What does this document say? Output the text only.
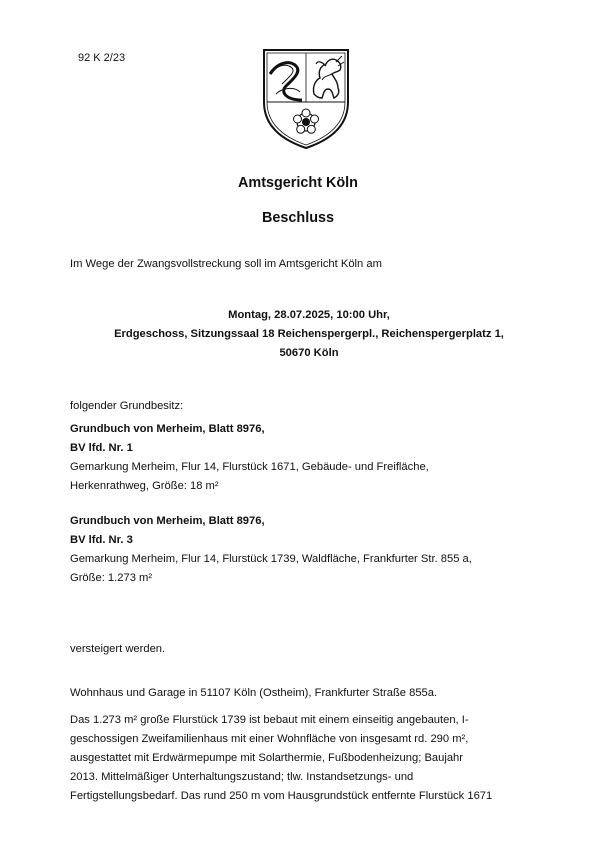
92 K 2/23
Amtsgericht Köln
Beschluss
Im Wege der Zwangsvollstreckung soll im Amtsgericht Köln am
Montag, 28.07.2025, 10:00 Uhr,
Erdgeschoss, Sitzungssaal 18 Reichenspergerpl., Reichenspergerplatz 1,
50670 Köln
folgender Grundbesitz:
Grundbuch von Merheim, Blatt 8976,
BV lfd. Nr. 1
Gemarkung Merheim, Flur 14, Flurstück 1671, Gebäude- und Freifläche,
Herkenrathweg, Größe: 18 m²
Grundbuch von Merheim, Blatt 8976,
BV lfd. Nr. 3
Gemarkung Merheim, Flur 14, Flurstück 1739, Waldfläche, Frankfurter Str. 855 a,
Größe: 1.273 m²
versteigert werden.
Wohnhaus und Garage in 51107 Köln (Ostheim), Frankfurter Straße 855a.
Das 1.273 m² große Flurstück 1739 ist bebaut mit einem einseitig angebauten, I-
geschossigen Zweifamilienhaus mit einer Wohnfläche von insgesamt rd. 290 m²,
ausgestattet mit Erdwärmepumpe mit Solarthermie, Fußbodenheizung; Baujahr
2013. Mittelmäßiger Unterhaltungszustand; tlw. Instandsetzungs- und
Fertigstellungsbedarf. Das rund 250 m vom Hausgrundstück entfernte Flurstück 1671
